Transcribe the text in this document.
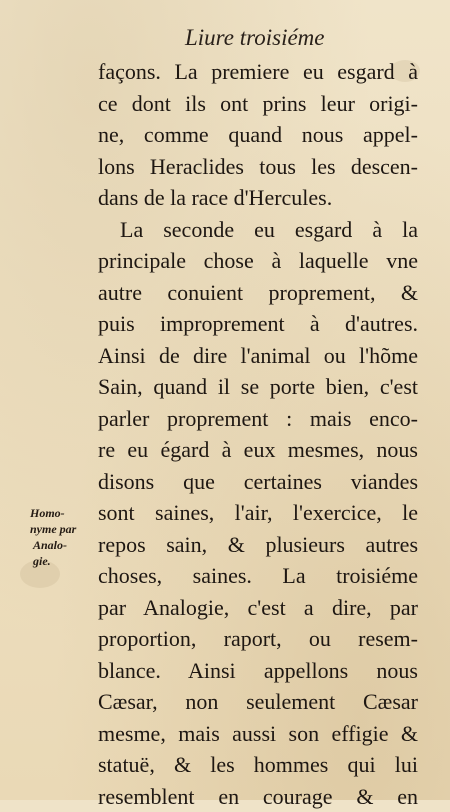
Liure troisiéme
façons. La premiere eu esgard à
ce dont ils ont prins leur origi-
ne, comme quand nous appel-
lons Heraclides tous les descen-
dans de la race d'Hercules.
La seconde eu esgard à la
principale chose à laquelle vne
autre conuient proprement, &
puis improprement à d'autres.
Ainsi de dire l'animal ou l'hõme
Sain, quand il se porte bien, c'est
parler proprement : mais enco-
re eu égard à eux mesmes, nous
disons que certaines viandes
sont saines, l'air, l'exercice, le
repos sain, & plusieurs autres
choses, saines. La troisiéme
par Analogie, c'est a dire, par
proportion, raport, ou resem-
blance. Ainsi appellons nous
Cæsar, non seulement Cæsar
mesme, mais aussi son effigie &
statuë, & les hommes qui lui
resemblent en courage & en
Homo-
nyme par
Analo-
gie.
